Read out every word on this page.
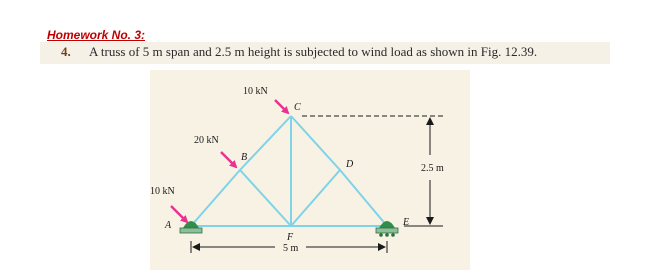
Homework No. 3:

4. A truss of 5 m span and 2.5 m height is subjected to wind load as shown in Fig. 12.39.
10 kN
20 kN
10 kN
A
B
C
D
E
F
2.5 m
5 m
